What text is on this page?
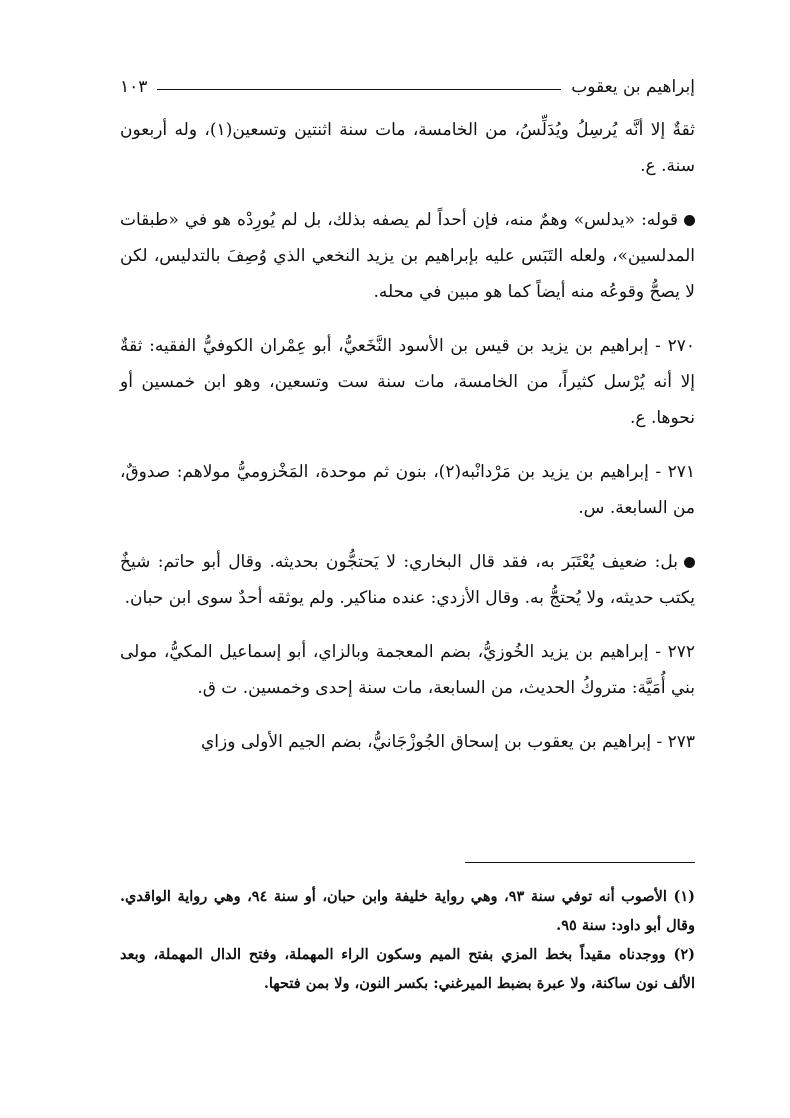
إبراهيم بن يعقوب
١٠٣

ثقةٌ إلا أنَّه يُرسِلُ ويُدَلِّسُ، من الخامسة، مات سنة اثنتين وتسعين(١)، وله أربعون سنة. ع.

قوله: «يدلس» وهمٌ منه، فإن أحداً لم يصفه بذلك، بل لم يُورِدْه هو في «طبقات المدلسين»، ولعله التَبَس عليه بإبراهيم بن يزيد النخعي الذي وُصِفَ بالتدليس، لكن لا يصحُّ وقوعُه منه أيضاً كما هو مبين في محله.

٢٧٠ - إبراهيم بن يزيد بن قيس بن الأسود النَّخَعيُّ، أبو عِمْران الكوفيُّ الفقيه: ثقةٌ إلا أنه يُرْسل كثيراً، من الخامسة، مات سنة ست وتسعين، وهو ابن خمسين أو نحوها. ع.

٢٧١ - إبراهيم بن يزيد بن مَرْدانْبه(٢)، بنون ثم موحدة، المَخْزوميُّ مولاهم: صدوقٌ، من السابعة. س.

بل: ضعيف يُعْتَبَر به، فقد قال البخاري: لا يَحتجُّون بحديثه. وقال أبو حاتم: شيخٌ يكتب حديثه، ولا يُحتجُّ به. وقال الأزدي: عنده مناكير. ولم يوثقه أحدٌ سوى ابن حبان.

٢٧٢ - إبراهيم بن يزيد الخُوزيُّ، بضم المعجمة وبالزاي، أبو إسماعيل المكيُّ، مولى بني أُمَيَّة: متروكُ الحديث، من السابعة، مات سنة إحدى وخمسين. ت ق.

٢٧٣ - إبراهيم بن يعقوب بن إسحاق الجُوزْجَانيُّ، بضم الجيم الأولى وزاي

(١) الأصوب أنه توفي سنة ٩٣، وهي رواية خليفة وابن حبان، أو سنة ٩٤، وهي رواية الواقدي. وقال أبو داود: سنة ٩٥.

(٢) ووجدناه مقيداً بخط المزي بفتح الميم وسكون الراء المهملة، وفتح الدال المهملة، وبعد الألف نون ساكنة، ولا عبرة بضبط الميرغني: بكسر النون، ولا بمن فتحها.
